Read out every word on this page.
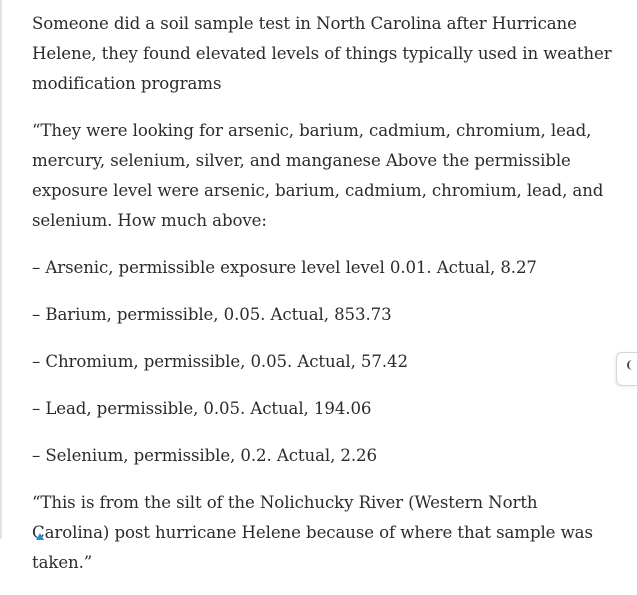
Someone did a soil sample test in North Carolina after Hurricane Helene, they found elevated levels of things typically used in weather modification programs

“They were looking for arsenic, barium, cadmium, chromium, lead, mercury, selenium, silver, and manganese Above the permissible exposure level were arsenic, barium, cadmium, chromium, lead, and selenium. How much above:

– Arsenic, permissible exposure level level 0.01. Actual, 8.27

– Barium, permissible, 0.05. Actual, 853.73

– Chromium, permissible, 0.05. Actual, 57.42

– Lead, permissible, 0.05. Actual, 194.06

– Selenium, permissible, 0.2. Actual, 2.26

“This is from the silt of the Nolichucky River (Western North Carolina) post hurricane Helene because of where that sample was taken.”
